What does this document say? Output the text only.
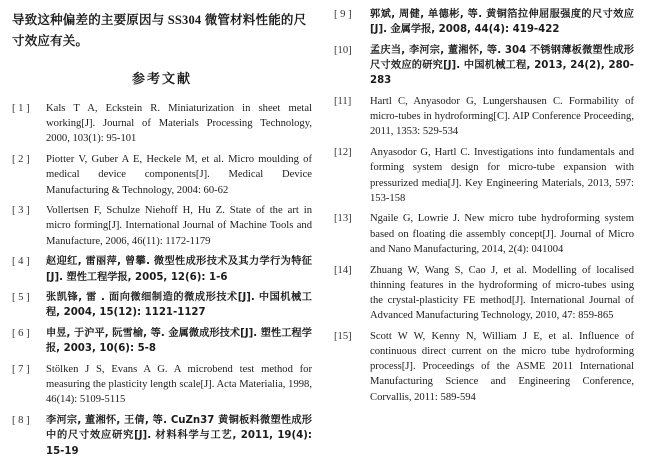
导致这种偏差的主要原因与 SS304 微管材料性能的尺寸效应有关。
参考文献
[ 1 ]	Kals T A, Eckstein R. Miniaturization in sheet metal working[J]. Journal of Materials Processing Technology, 2000, 103(1): 95-101
[ 2 ]	Piotter V, Guber A E, Heckele M, et al. Micro moulding of medical device components[J]. Medical Device Manufacturing & Technology, 2004: 60-62
[ 3 ]	Vollertsen F, Schulze Niehoff H, Hu Z. State of the art in micro forming[J]. International Journal of Machine Tools and Manufacture, 2006, 46(11): 1172-1179
[ 4 ]	赵迎红, 雷丽萍, 曾攀. 微型性成形技术及其力学行为特征[J]. 塑性工程学报, 2005, 12(6): 1-6
[ 5 ]	张凯锋, 雷 . 面向微细制造的微成形技术[J]. 中国机械工程, 2004, 15(12): 1121-1127
[ 6 ]	申昱, 于沪平, 阮雪榆, 等. 金属微成形技术[J]. 塑性工程学报, 2003, 10(6): 5-8
[ 7 ]	Stölken J S, Evans A G. A microbend test method for measuring the plasticity length scale[J]. Acta Materialia, 1998, 46(14): 5109-5115
[ 8 ]	李河宗, 董湘怀, 王倩, 等. CuZn37 黄铜板料微塑性成形中的尺寸效应研究[J]. 材料科学与工艺, 2011, 19(4): 15-19
[ 9 ]	郭斌, 周健, 单德彬, 等. 黄铜箔拉伸屈服强度的尺寸效应[J]. 金属学报, 2008, 44(4): 419-422
[10]	孟庆当, 李河宗, 董湘怀, 等. 304 不锈钢薄板微塑性成形尺寸效应的研究[J]. 中国机械工程, 2013, 24(2), 280-283
[11]	Hartl C, Anyasodor G, Lungershausen C. Formability of micro-tubes in hydroforming[C]. AIP Conference Proceeding, 2011, 1353: 529-534
[12]	Anyasodor G, Hartl C. Investigations into fundamentals and forming system design for micro-tube expansion with pressurized media[J]. Key Engineering Materials, 2013, 597: 153-158
[13]	Ngaile G, Lowrie J. New micro tube hydroforming system based on floating die assembly concept[J]. Journal of Micro and Nano Manufacturing, 2014, 2(4): 041004
[14]	Zhuang W, Wang S, Cao J, et al. Modelling of localised thinning features in the hydroforming of micro-tubes using the crystal-plasticity FE method[J]. International Journal of Advanced Manufacturing Technology, 2010, 47: 859-865
[15]	Scott W W, Kenny N, William J E, et al. Influence of continuous direct current on the micro tube hydroforming process[J]. Proceedings of the ASME 2011 International Manufacturing Science and Engineering Conference, Corvallis, 2011: 589-594
